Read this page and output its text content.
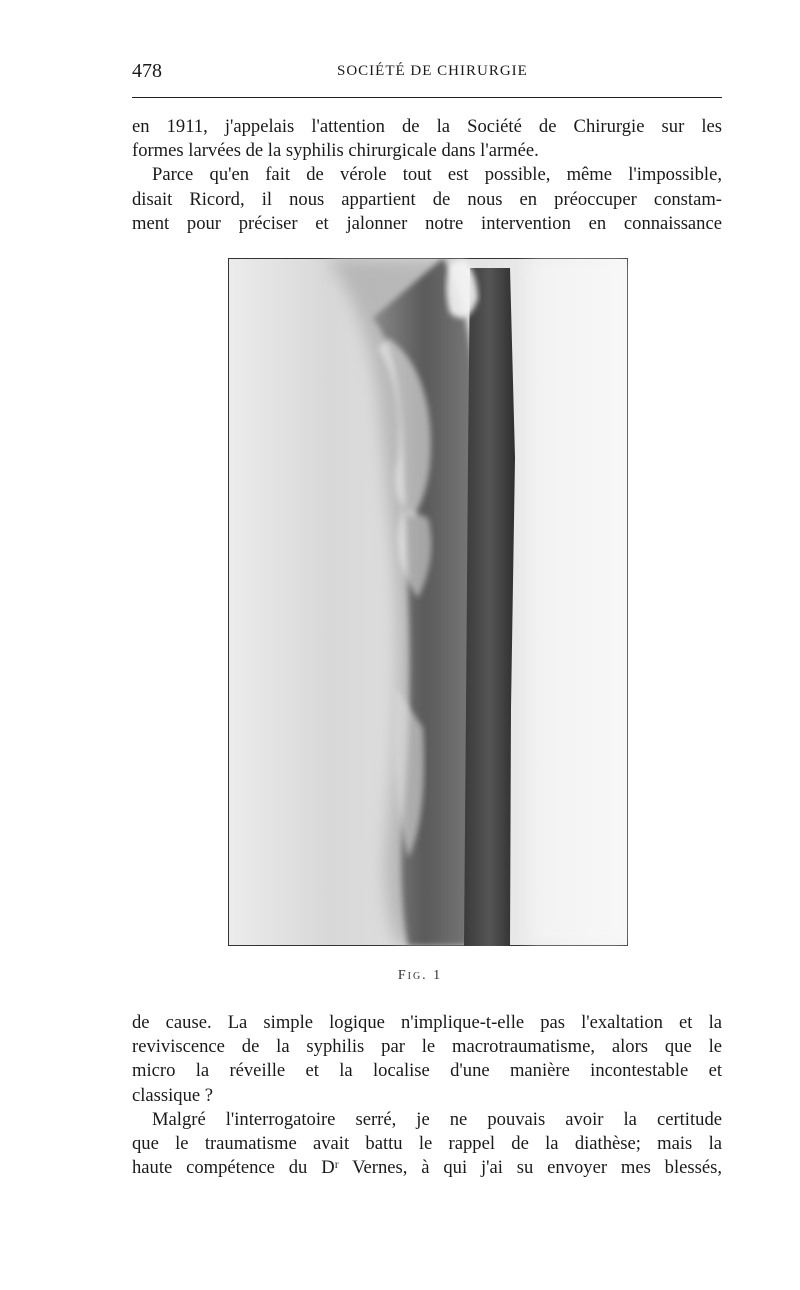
478	SOCIÉTÉ DE CHIRURGIE
en 1911, j'appelais l'attention de la Société de Chirurgie sur les
formes larvées de la syphilis chirurgicale dans l'armée.
Parce qu'en fait de vérole tout est possible, même l'impossible,
disait Ricord, il nous appartient de nous en préoccuper constam-
ment pour préciser et jalonner notre intervention en connaissance
Fig. 1
de cause. La simple logique n'implique-t-elle pas l'exaltation et la
reviviscence de la syphilis par le macrotraumatisme, alors que le
micro la réveille et la localise d'une manière incontestable et
classique ?
Malgré l'interrogatoire serré, je ne pouvais avoir la certitude
que le traumatisme avait battu le rappel de la diathèse; mais la
haute compétence du Dʳ Vernes, à qui j'ai su envoyer mes blessés,
